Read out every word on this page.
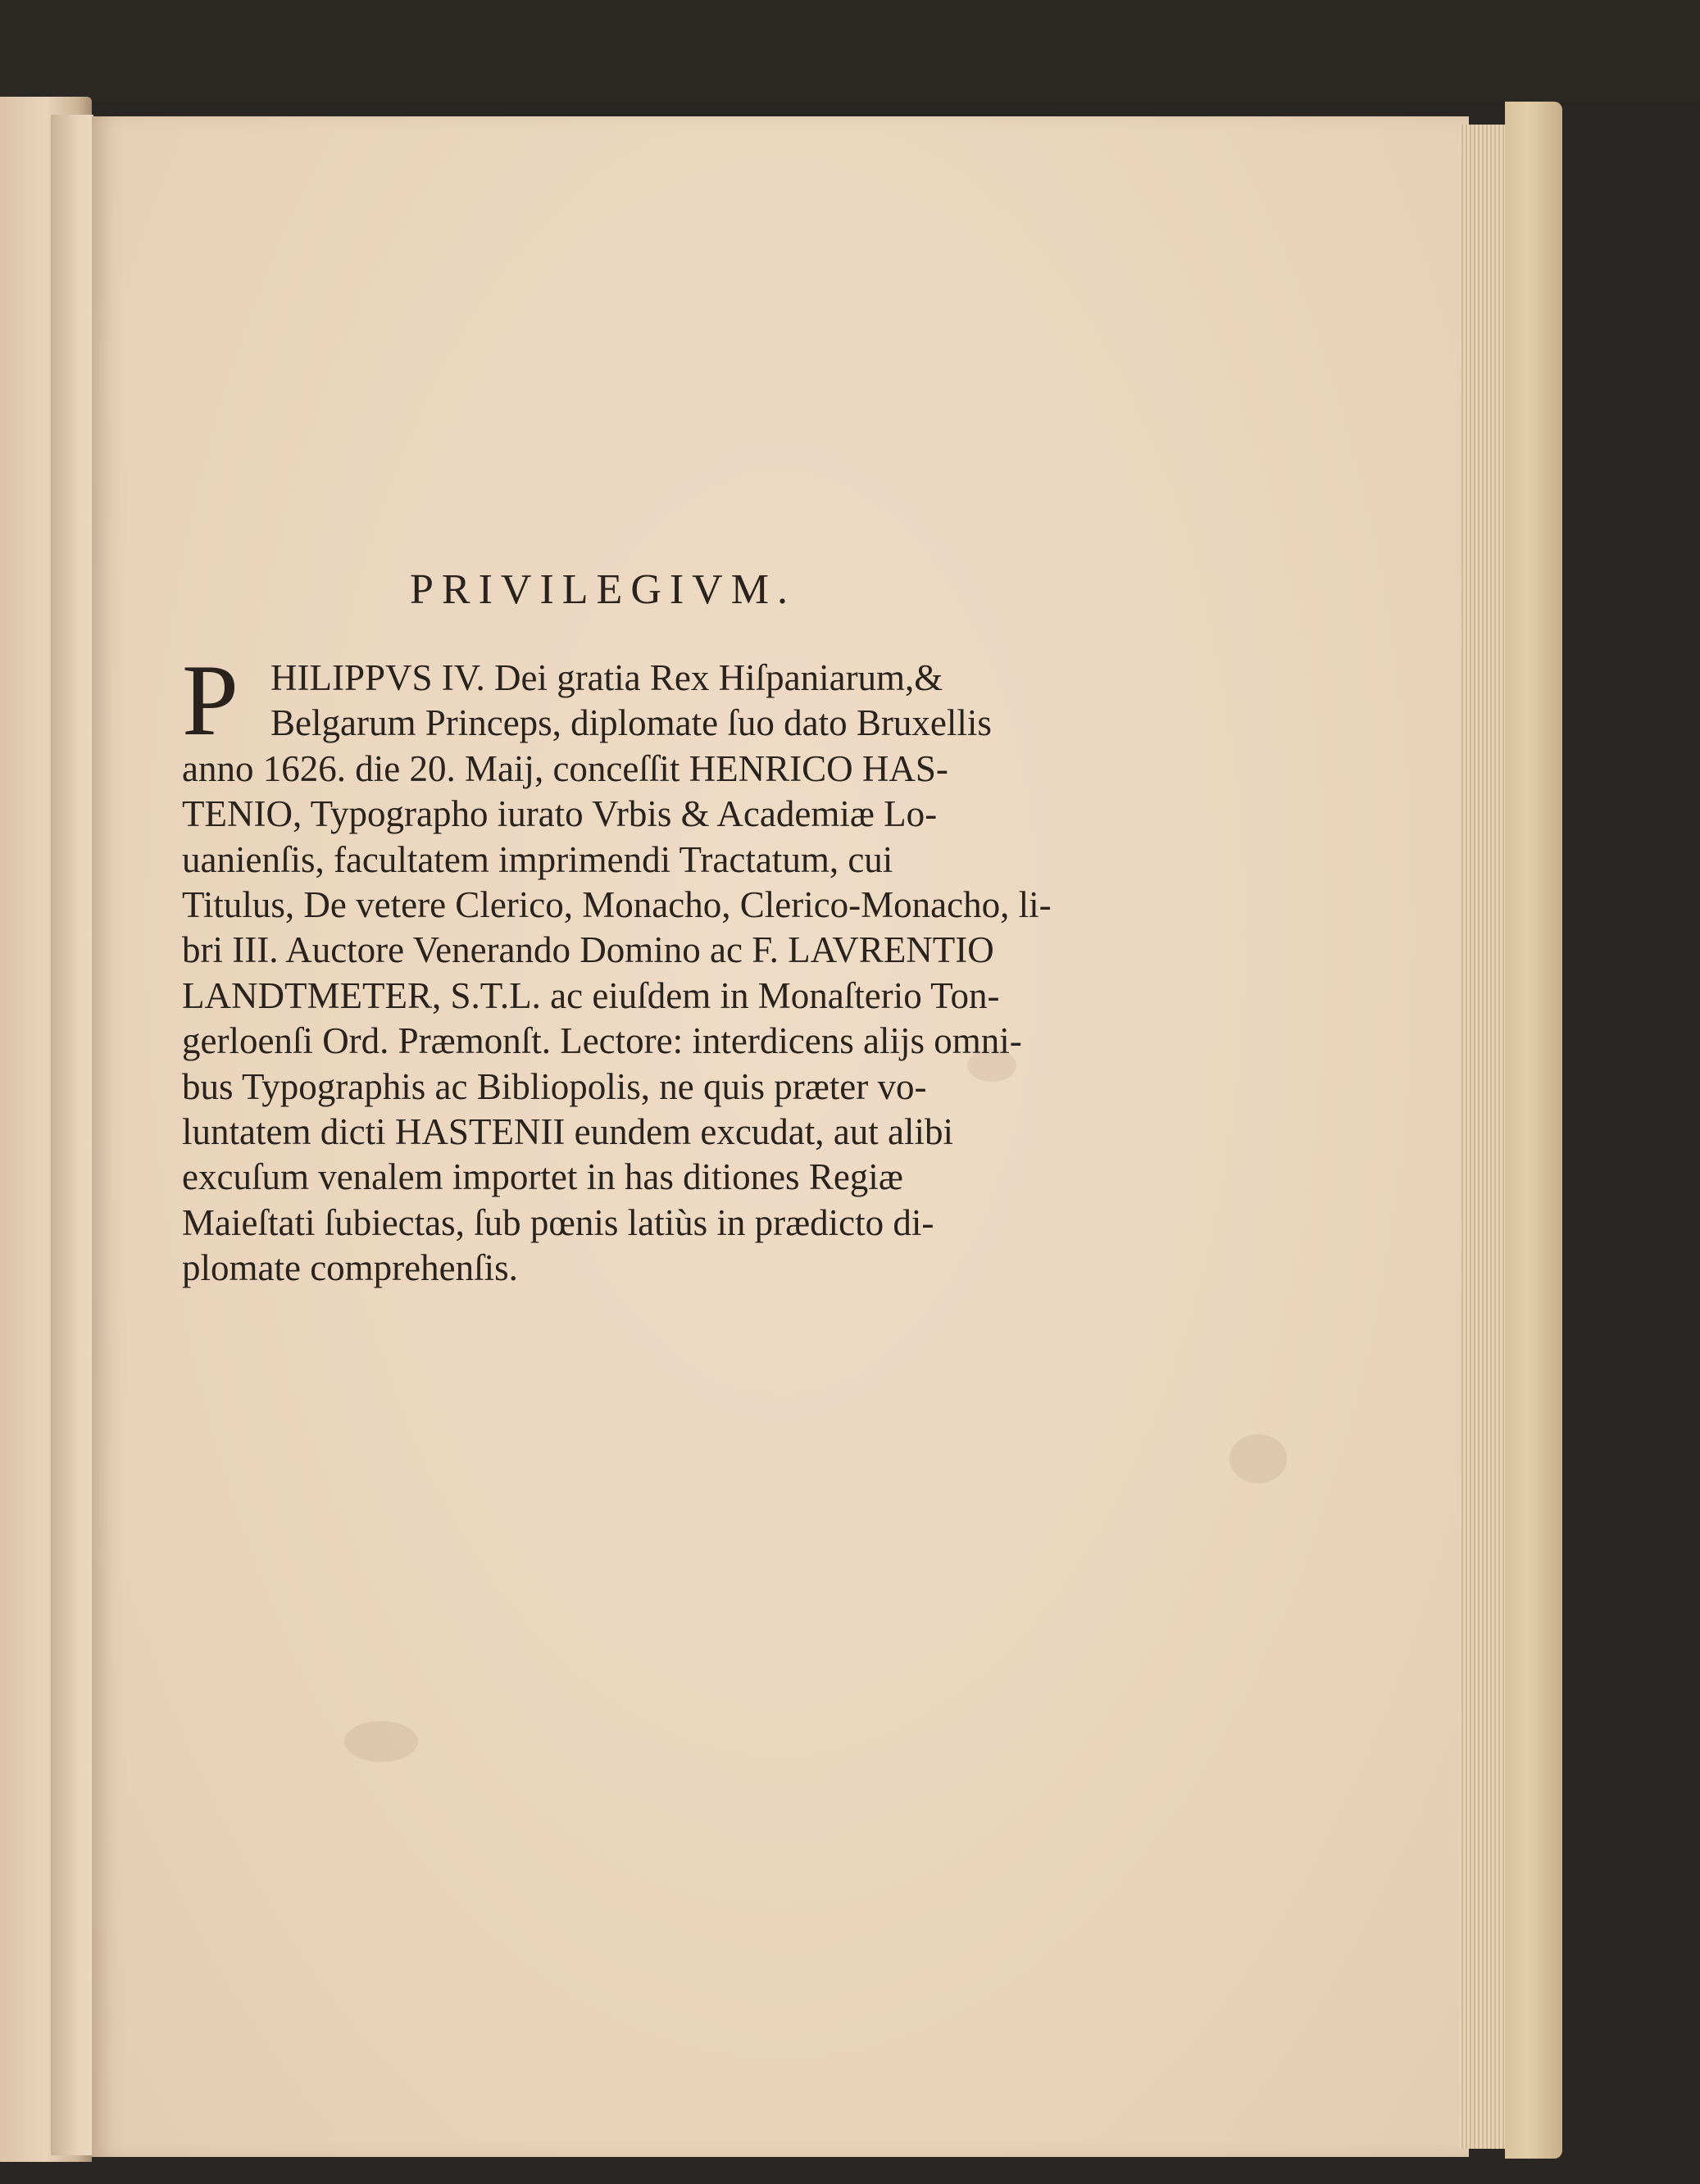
PRIVILEGIVM.
P HILIPPVS IV. Dei gratia Rex Hiſpaniarum,&
Belgarum Princeps, diplomate ſuo dato Bruxellis
anno 1626. die 20. Maij, conceſſit HENRICO HAS-
TENIO, Typographo iurato Vrbis & Academiæ Lo-
uanienſis, facultatem imprimendi Tractatum, cui
Titulus, De vetere Clerico, Monacho, Clerico-Monacho, li-
bri III. Auctore Venerando Domino ac F. LAVRENTIO
LANDTMETER, S.T.L. ac eiuſdem in Monaſterio Ton-
gerloenſi Ord. Præmonſt. Lectore: interdicens alijs omni-
bus Typographis ac Bibliopolis, ne quis præter vo-
luntatem dicti HASTENII eundem excudat, aut alibi
excuſum venalem importet in has ditiones Regiæ
Maieſtati ſubiectas, ſub pœnis latiùs in prædicto di-
plomate comprehenſis.
